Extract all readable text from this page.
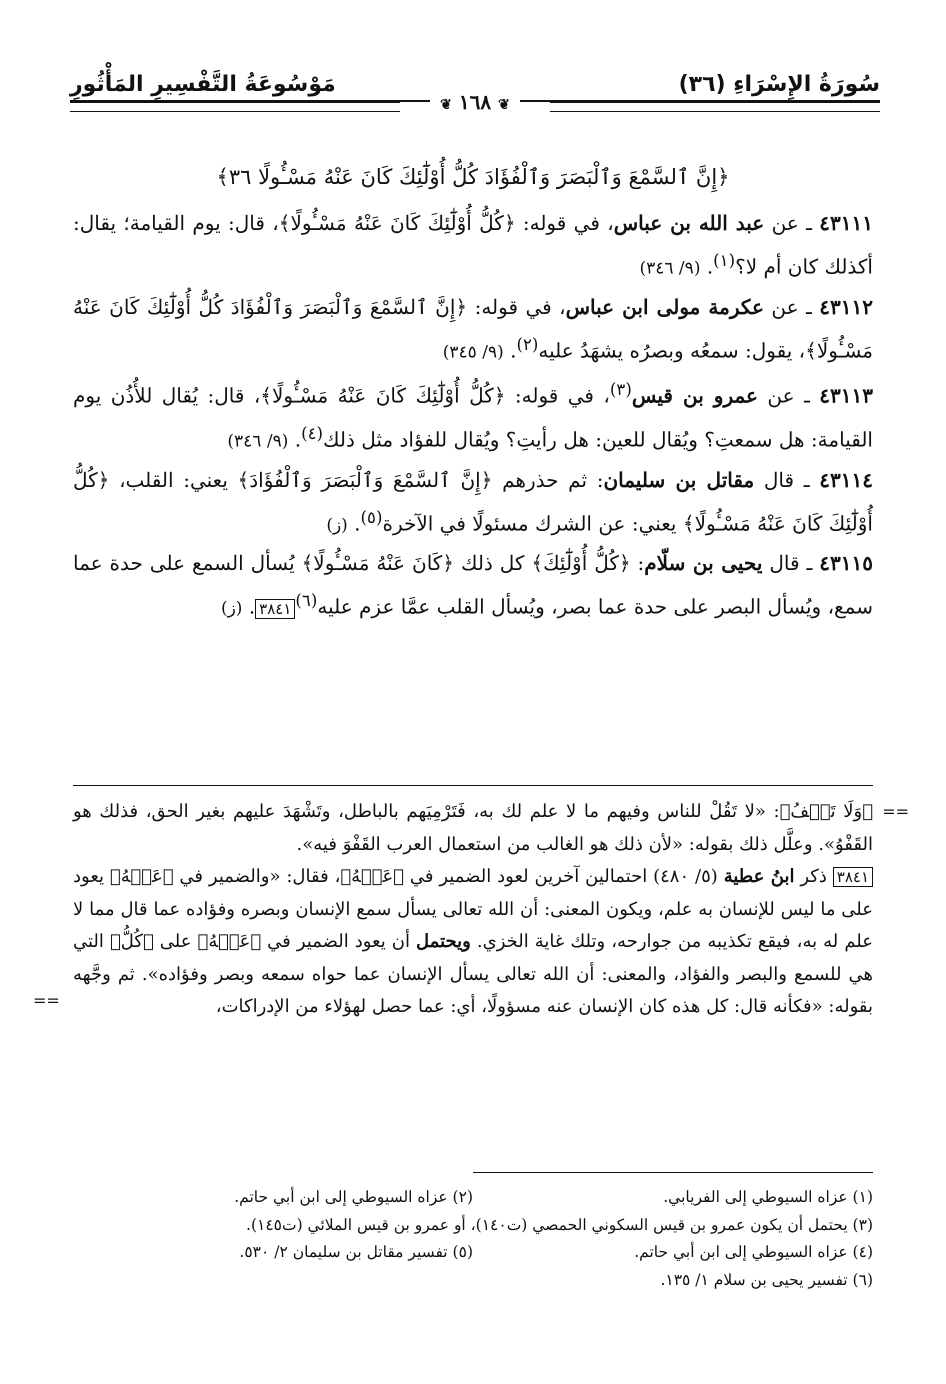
مَوْسُوعَةُ التَّفْسِيرِ المَأْثُورِ	سُورَةُ الإِسْرَاءِ (٣٦)
❦ ١٦٨ ❦

﴿إِنَّ ٱلسَّمْعَ وَٱلْبَصَرَ وَٱلْفُؤَادَ كُلُّ أُوْلَٰٓئِكَ كَانَ عَنْهُ مَسْـُٔولًا ٣٦﴾

٤٣١١١ ـ عن عبد الله بن عباس، في قوله: ﴿كُلُّ أُوْلَٰٓئِكَ كَانَ عَنْهُ مَسْـُٔولًا﴾، قال: يوم القيامة؛ يقال: أكذلك كان أم لا؟$^{(١)}$. (٩/ ٣٤٦)

٤٣١١٢ ـ عن عكرمة مولى ابن عباس، في قوله: ﴿إِنَّ ٱلسَّمْعَ وَٱلْبَصَرَ وَٱلْفُؤَادَ كُلُّ أُوْلَٰٓئِكَ كَانَ عَنْهُ مَسْـُٔولًا﴾، يقول: سمعُه وبصرُه يشهَدُ عليه$^{(٢)}$. (٩/ ٣٤٥)

٤٣١١٣ ـ عن عمرو بن قيس$^{(٣)}$، في قوله: ﴿كُلُّ أُوْلَٰٓئِكَ كَانَ عَنْهُ مَسْـُٔولًا﴾، قال: يُقال للأُذُن يوم القيامة: هل سمعتِ؟ ويُقال للعين: هل رأيتِ؟ ويُقال للفؤاد مثل ذلك$^{(٤)}$. (٩/ ٣٤٦)

٤٣١١٤ ـ قال مقاتل بن سليمان: ثم حذرهم ﴿إِنَّ ٱلسَّمْعَ وَٱلْبَصَرَ وَٱلْفُؤَادَ﴾ يعني: القلب، ﴿كُلُّ أُوْلَٰٓئِكَ كَانَ عَنْهُ مَسْـُٔولًا﴾ يعني: عن الشرك مسئولًا في الآخرة$^{(٥)}$. (ز)

٤٣١١٥ ـ قال يحيى بن سلّام: ﴿كُلُّ أُوْلَٰٓئِكَ﴾ كل ذلك ﴿كَانَ عَنْهُ مَسْـُٔولًا﴾ يُسأل السمع على حدة عما سمع، ويُسأل البصر على حدة عما بصر، ويُسأل القلب عمَّا عزم عليه$^{(٦)}$٣٨٤١. (ز)

==

﴿وَلَا تَقۡفُ﴾: «لا تَقُلْ للناس وفيهم ما لا علم لك به، فَتَرْمِيَهم بالباطل، وتَشْهَدَ عليهم بغير الحق، فذلك هو القَفْوُ». وعلَّل ذلك بقوله: «لأن ذلك هو الغالب من استعمال العرب القَفْوَ فيه».

٣٨٤١ ذكر ابنُ عطية (٥/ ٤٨٠) احتمالين آخرين لعود الضمير في ﴿عَنۡهُ﴾، فقال: «والضمير في ﴿عَنۡهُ﴾ يعود على ما ليس للإنسان به علم، ويكون المعنى: أن الله تعالى يسأل سمع الإنسان وبصره وفؤاده عما قال مما لا علم له به، فيقع تكذيبه من جوارحه، وتلك غاية الخزي. ويحتمل أن يعود الضمير في ﴿عَنۡهُ﴾ على ﴿كُلُّ﴾ التي هي للسمع والبصر والفؤاد، والمعنى: أن الله تعالى يسأل الإنسان عما حواه سمعه وبصر وفؤاده». ثم وجَّهه بقوله: «فكأنه قال: كل هذه كان الإنسان عنه مسؤولًا، أي: عما حصل لهؤلاء من الإدراكات،

==
(١) عزاه السيوطي إلى الفريابي.
(٢) عزاه السيوطي إلى ابن أبي حاتم.
(٣) يحتمل أن يكون عمرو بن قيس السكوني الحمصي (ت١٤٠)، أو عمرو بن قيس الملائي (ت١٤٥).
(٤) عزاه السيوطي إلى ابن أبي حاتم.
(٥) تفسير مقاتل بن سليمان ٢/ ٥٣٠.
(٦) تفسير يحيى بن سلام ١/ ١٣٥.
